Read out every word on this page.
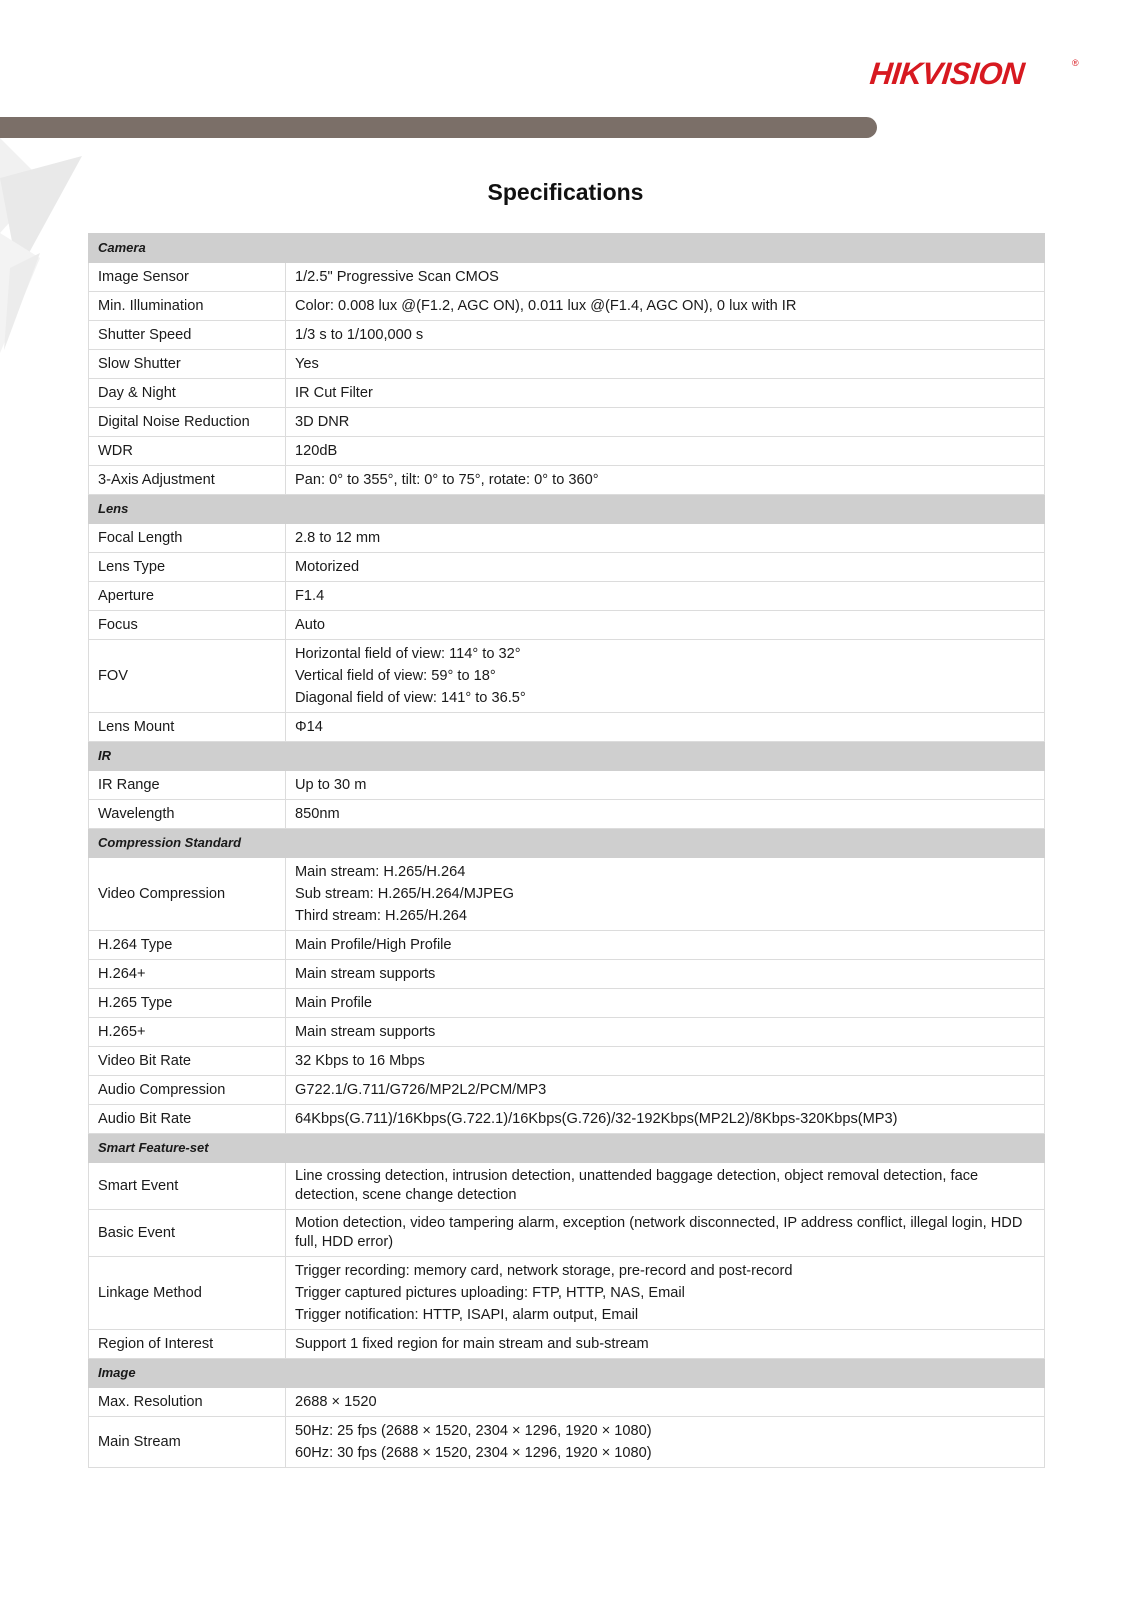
HIKVISION	®
Specifications
Camera	
Image Sensor	1/2.5" Progressive Scan CMOS

Min. Illumination	Color: 0.008 lux @(F1.2, AGC ON), 0.011 lux @(F1.4, AGC ON), 0 lux with IR

Shutter Speed	1/3 s to 1/100,000 s

Slow Shutter	Yes

Day & Night	IR Cut Filter

Digital Noise Reduction	3D DNR

WDR	120dB

3-Axis Adjustment	Pan: 0° to 355°, tilt: 0° to 75°, rotate: 0° to 360°

Lens	
Focal Length	2.8 to 12 mm

Lens Type	Motorized

Aperture	F1.4

Focus	Auto

FOV	Horizontal field of view: 114° to 32°
Vertical field of view: 59° to 18°
Diagonal field of view: 141° to 36.5°

Lens Mount	Φ14

IR	
IR Range	Up to 30 m

Wavelength	850nm

Compression Standard	
Video Compression	Main stream: H.265/H.264
Sub stream: H.265/H.264/MJPEG
Third stream: H.265/H.264

H.264 Type	Main Profile/High Profile

H.264+	Main stream supports

H.265 Type	Main Profile

H.265+	Main stream supports

Video Bit Rate	32 Kbps to 16 Mbps

Audio Compression	G722.1/G.711/G726/MP2L2/PCM/MP3

Audio Bit Rate	64Kbps(G.711)/16Kbps(G.722.1)/16Kbps(G.726)/32-192Kbps(MP2L2)/8Kbps-320Kbps(MP3)

Smart Feature-set	
Smart Event	Line crossing detection, intrusion detection, unattended baggage detection, object removal detection, face detection, scene change detection

Basic Event	Motion detection, video tampering alarm, exception (network disconnected, IP address conflict, illegal login, HDD full, HDD error)

Linkage Method	Trigger recording: memory card, network storage, pre-record and post-record
Trigger captured pictures uploading: FTP, HTTP, NAS, Email
Trigger notification: HTTP, ISAPI, alarm output, Email

Region of Interest	Support 1 fixed region for main stream and sub-stream

Image	
Max. Resolution	2688 × 1520

Main Stream	50Hz: 25 fps (2688 × 1520, 2304 × 1296, 1920 × 1080)
60Hz: 30 fps (2688 × 1520, 2304 × 1296, 1920 × 1080)
